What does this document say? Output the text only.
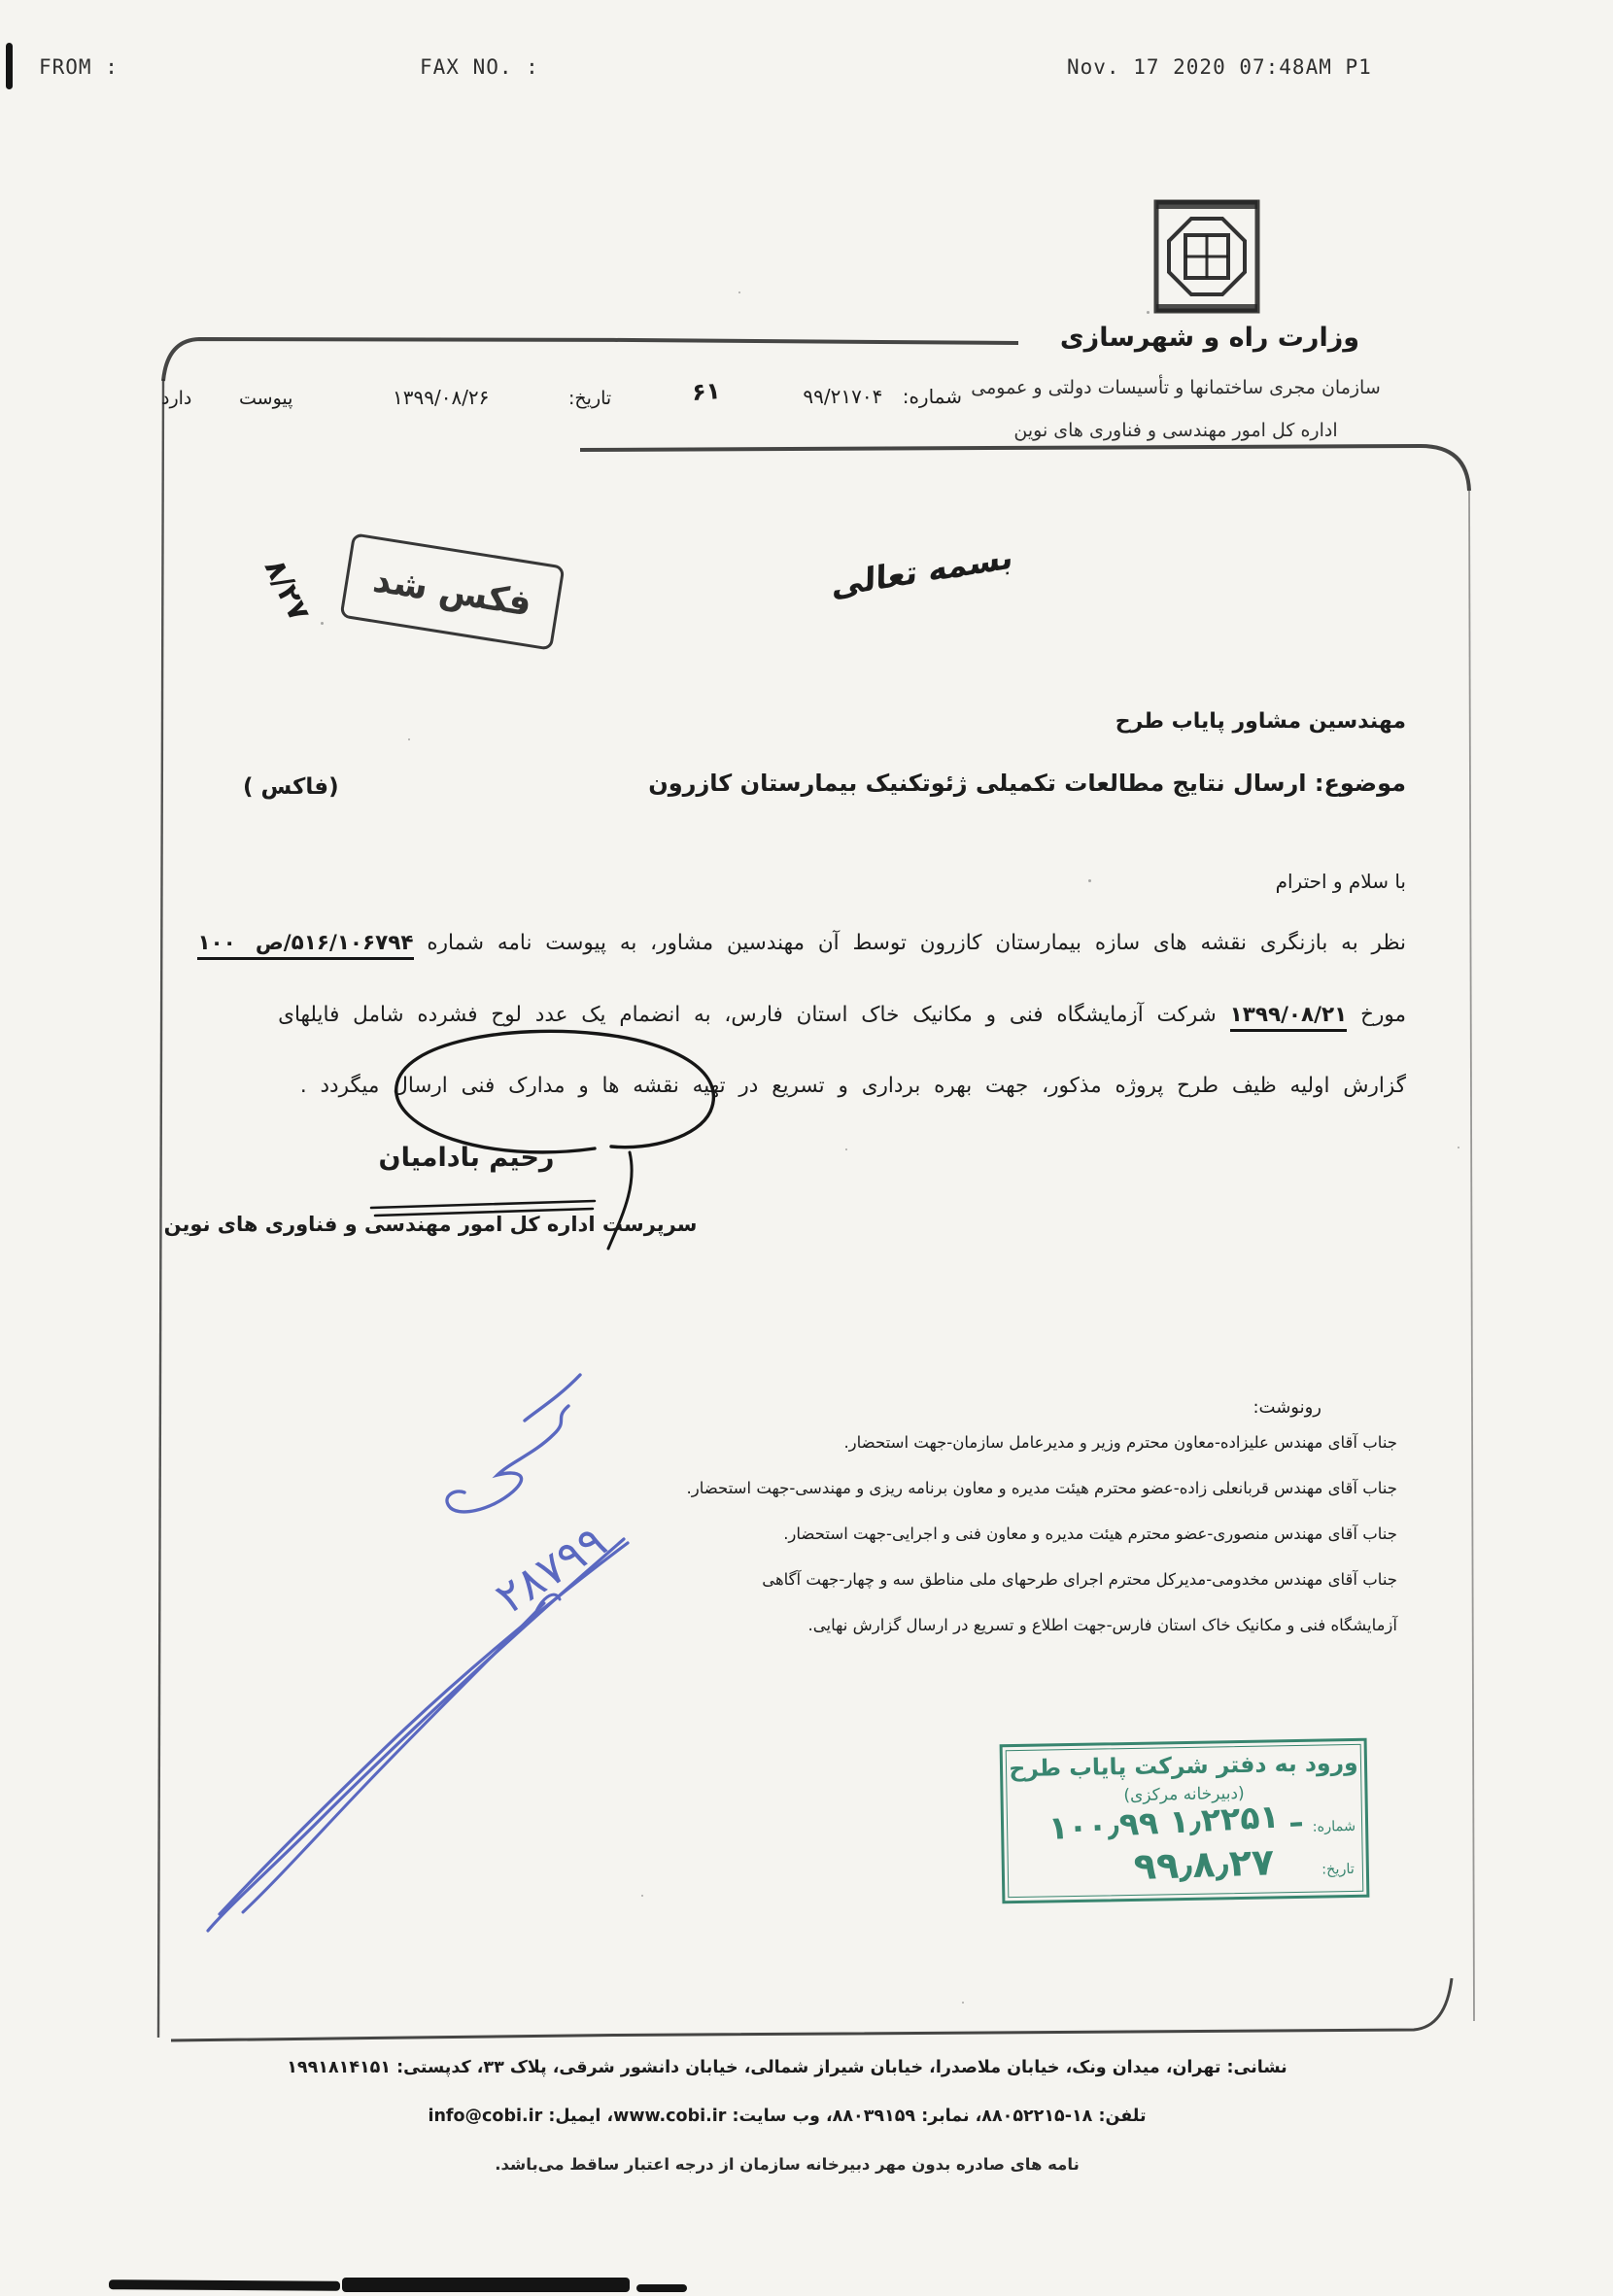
FROM :	FAX NO. :	Nov. 17 2020 07:48AM P1
وزارت راه و شهرسازی
سازمان مجری ساختمانها و تأسیسات دولتی و عمومی
اداره کل امور مهندسی و فناوری های نوین
شماره: ۹۹/۲۱۷۰۴
۶۱
تاریخ:
۱۳۹۹/۰۸/۲۶
پیوست
دارد
فکس شد
۸/۲۷	بسمه تعالی
مهندسین مشاور پایاب طرح
موضوع: ارسال نتایج مطالعات تکمیلی ژئوتکنیک بیمارستان کازرون
(فاکس )
با سلام و احترام
نظر به بازنگری نقشه های سازه بیمارستان کازرون توسط آن مهندسین مشاور، به پیوست نامه شماره ۵۱۶/۱۰۶۷۹۴/ص۱۰۰
مورخ ۱۳۹۹/۰۸/۲۱ شرکت آزمایشگاه فنی و مکانیک خاک استان فارس، به انضمام یک عدد لوح فشرده شامل فایلهای
گزارش اولیه ظیف طرح پروژه مذکور، جهت بهره برداری و تسریع در تهیه نقشه ها و مدارک فنی ارسال میگردد .
رحیم بادامیان
سرپرست اداره کل امور مهندسی و فناوری های نوین
رونوشت:
جناب آقای مهندس علیزاده-معاون محترم وزیر و مدیرعامل سازمان-جهت استحضار.
جناب آقای مهندس قربانعلی زاده-عضو محترم هیئت مدیره و معاون برنامه ریزی و مهندسی-جهت استحضار.
جناب آقای مهندس منصوری-عضو محترم هیئت مدیره و معاون فنی و اجرایی-جهت استحضار.
جناب آقای مهندس مخدومی-مدیرکل محترم اجرای طرحهای ملی مناطق سه و چهار-جهت آگاهی
آزمایشگاه فنی و مکانیک خاک استان فارس-جهت اطلاع و تسریع در ارسال گزارش نهایی.
۲۸۷۹۹
ورود به دفتر شرکت پایاب طرح
(دبیرخانه مرکزی)
شماره:
۱۰۰٫۹۹ ـ ۱٫۲۲۵۱
تاریخ:
۹۹٫۸٫۲۷
نشانی: تهران، میدان ونک، خیابان ملاصدرا، خیابان شیراز شمالی، خیابان دانشور شرقی، پلاک ۳۳، کدپستی: ۱۹۹۱۸۱۴۱۵۱
تلفن: ۱۸-۸۸۰۵۲۲۱۵، نمابر: ۸۸۰۳۹۱۵۹، وب سایت: www.cobi.ir، ایمیل: info@cobi.ir
نامه های صادره بدون مهر دبیرخانه سازمان از درجه اعتبار ساقط می‌باشد.
